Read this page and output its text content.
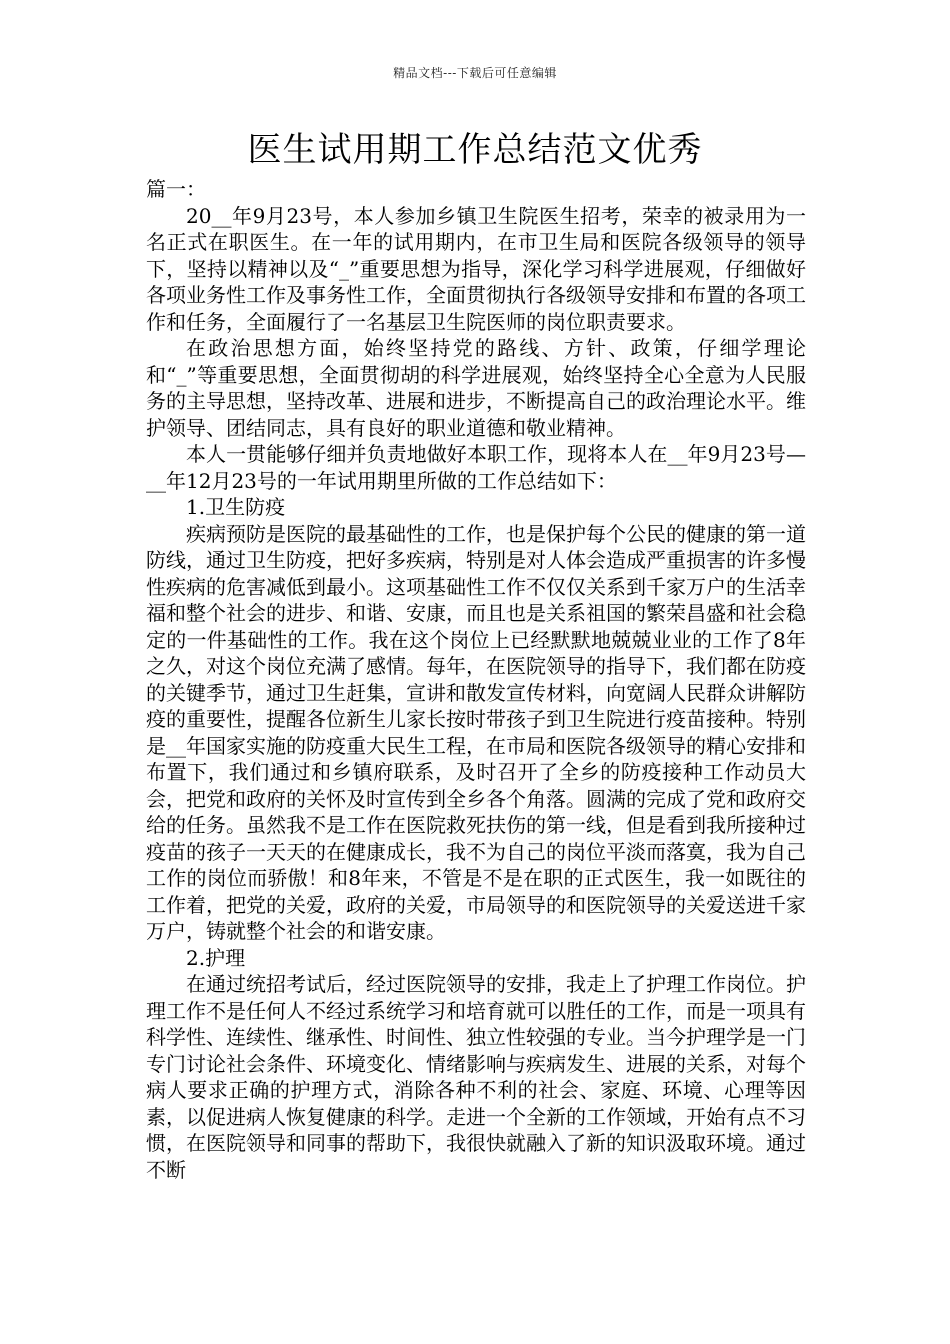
精品文档---下载后可任意编辑
医生试用期工作总结范文优秀

篇一：

20__年9月23号，本人参加乡镇卫生院医生招考，荣幸的被录用为一名正式在职医生。在一年的试用期内，在市卫生局和医院各级领导的领导下，坚持以精神以及“_”重要思想为指导，深化学习科学进展观，仔细做好各项业务性工作及事务性工作，全面贯彻执行各级领导安排和布置的各项工作和任务，全面履行了一名基层卫生院医师的岗位职责要求。

在政治思想方面，始终坚持党的路线、方针、政策，仔细学理论和“_”等重要思想，全面贯彻胡的科学进展观，始终坚持全心全意为人民服务的主导思想，坚持改革、进展和进步，不断提高自己的政治理论水平。维护领导、团结同志，具有良好的职业道德和敬业精神。

本人一贯能够仔细并负责地做好本职工作，现将本人在__年9月23号—__年12月23号的一年试用期里所做的工作总结如下：

1.卫生防疫

疾病预防是医院的最基础性的工作，也是保护每个公民的健康的第一道防线，通过卫生防疫，把好多疾病，特别是对人体会造成严重损害的许多慢性疾病的危害减低到最小。这项基础性工作不仅仅关系到千家万户的生活幸福和整个社会的进步、和谐、安康，而且也是关系祖国的繁荣昌盛和社会稳定的一件基础性的工作。我在这个岗位上已经默默地兢兢业业的工作了8年之久，对这个岗位充满了感情。每年，在医院领导的指导下，我们都在防疫的关键季节，通过卫生赶集，宣讲和散发宣传材料，向宽阔人民群众讲解防疫的重要性，提醒各位新生儿家长按时带孩子到卫生院进行疫苗接种。特别是__年国家实施的防疫重大民生工程，在市局和医院各级领导的精心安排和布置下，我们通过和乡镇府联系，及时召开了全乡的防疫接种工作动员大会，把党和政府的关怀及时宣传到全乡各个角落。圆满的完成了党和政府交给的任务。虽然我不是工作在医院救死扶伤的第一线，但是看到我所接种过疫苗的孩子一天天的在健康成长，我不为自己的岗位平淡而落寞，我为自己工作的岗位而骄傲！和8年来，不管是不是在职的正式医生，我一如既往的工作着，把党的关爱，政府的关爱，市局领导的和医院领导的关爱送进千家万户，铸就整个社会的和谐安康。

2.护理

在通过统招考试后，经过医院领导的安排，我走上了护理工作岗位。护理工作不是任何人不经过系统学习和培育就可以胜任的工作，而是一项具有科学性、连续性、继承性、时间性、独立性较强的专业。当今护理学是一门专门讨论社会条件、环境变化、情绪影响与疾病发生、进展的关系，对每个病人要求正确的护理方式，消除各种不利的社会、家庭、环境、心理等因素，以促进病人恢复健康的科学。走进一个全新的工作领域，开始有点不习惯，在医院领导和同事的帮助下，我很快就融入了新的知识汲取环境。通过不断
